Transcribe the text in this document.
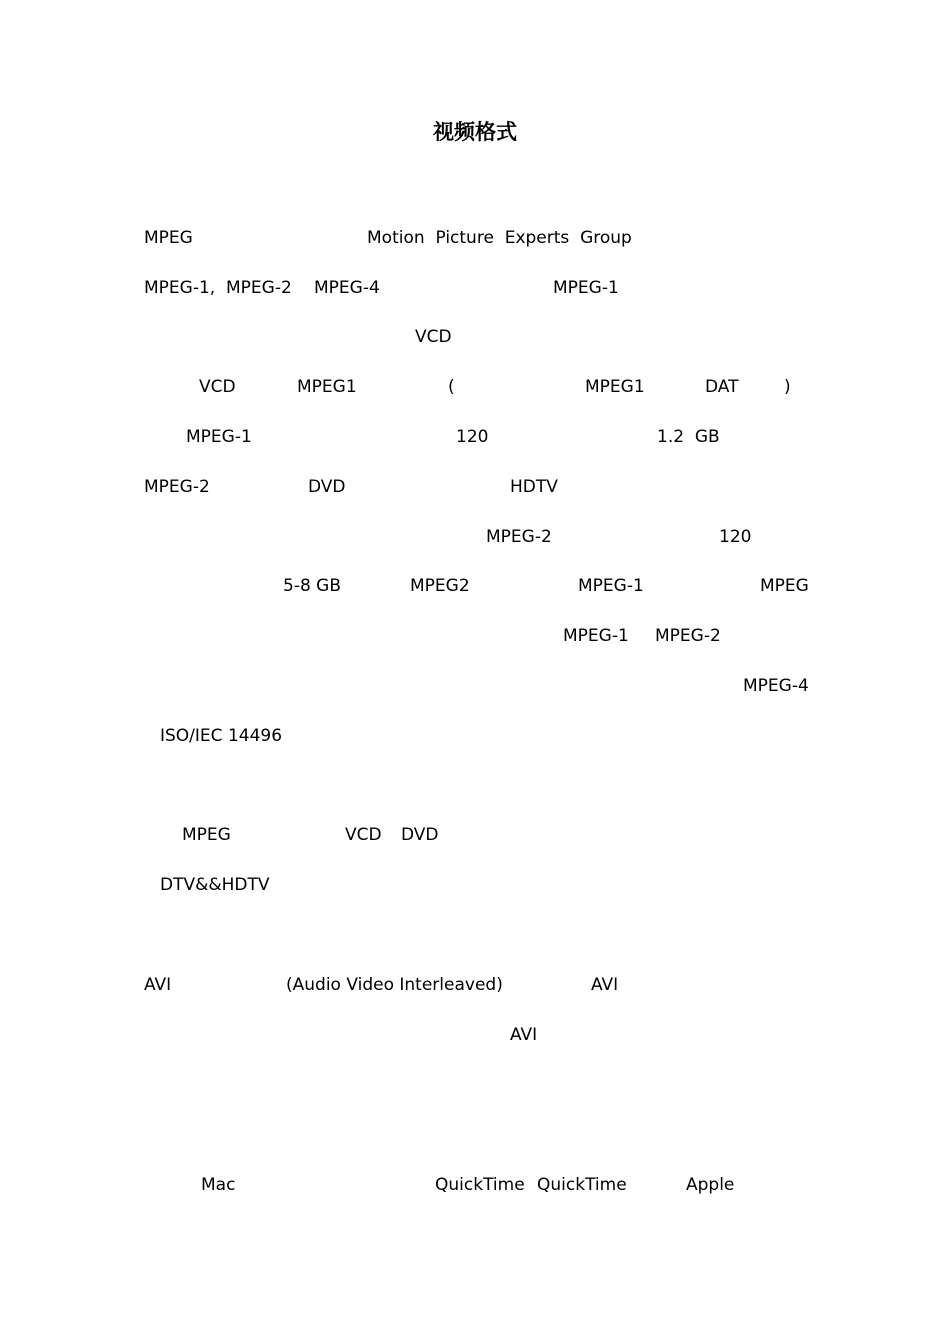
视频格式
MPEG	Motion  Picture  Experts  Group
MPEG-1,  MPEG-2 MPEG-4	MPEG-1
VCD
VCD	MPEG1	(	MPEG1	DAT	)
MPEG-1	120	1.2  GB
MPEG-2	DVD	HDTV
MPEG-2	120
5-8 GB	MPEG2	MPEG-1	MPEG
MPEG-1 MPEG-2
MPEG-4
ISO/IEC 14496
MPEG	VCD DVD
DTV&&HDTV
AVI	(Audio Video Interleaved)	AVI
AVI
Mac	QuickTime QuickTime	Apple
